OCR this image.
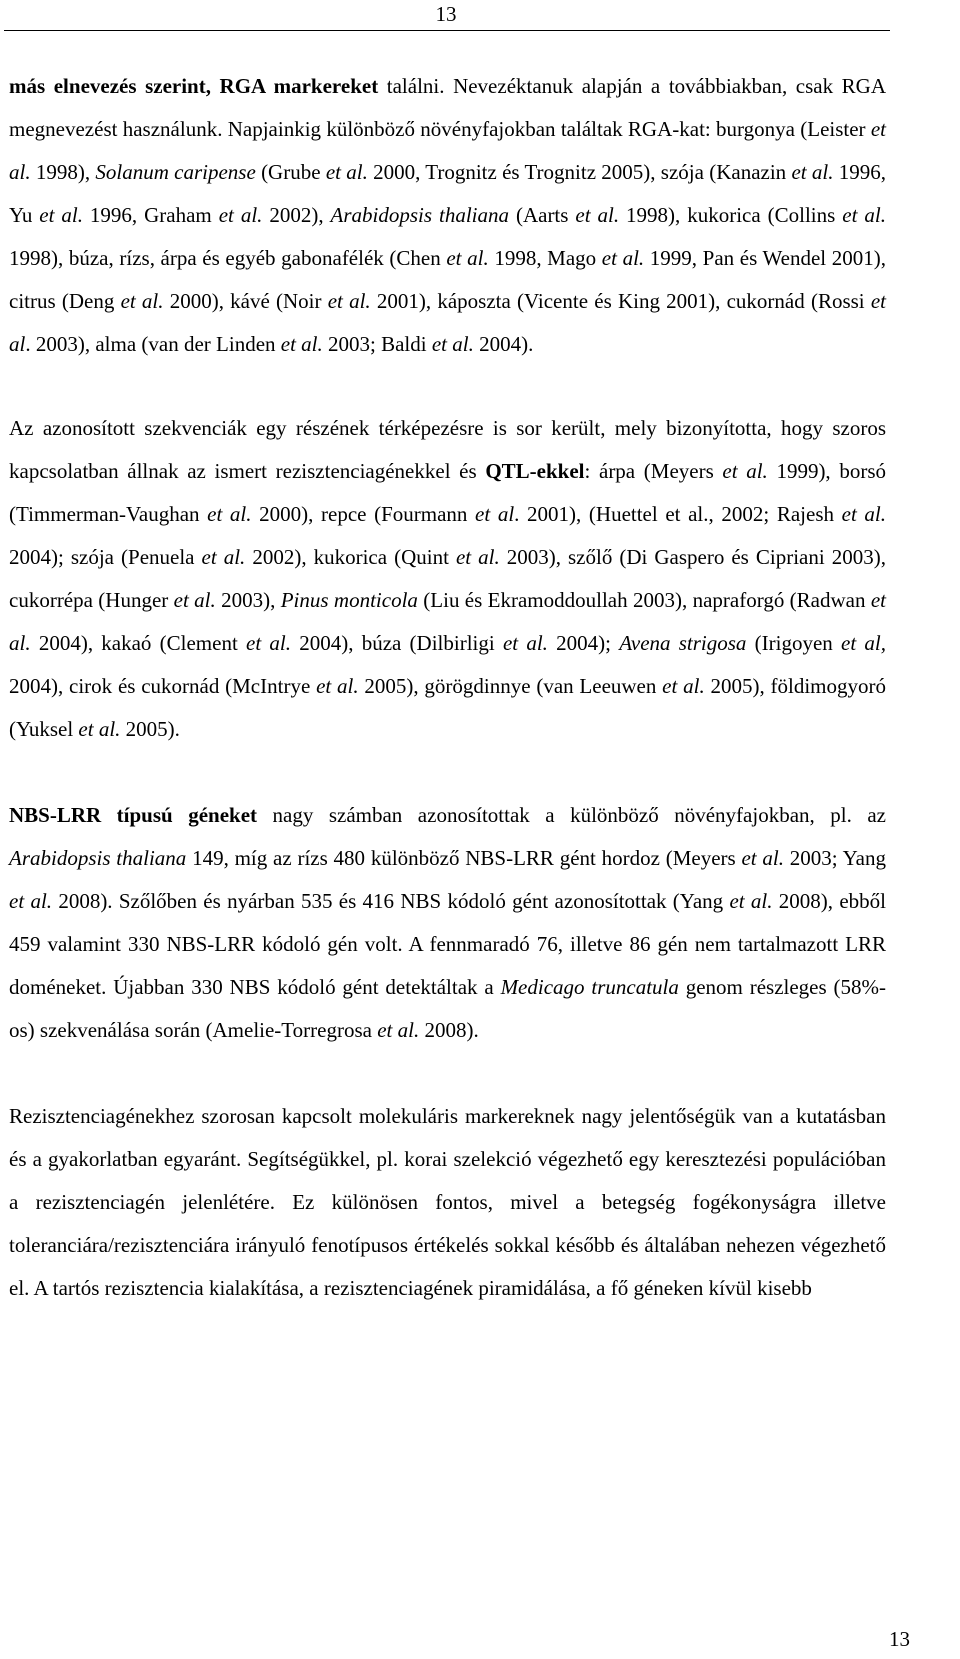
13

más elnevezés szerint, RGA markereket találni. Nevezéktanuk alapján a továbbiakban, csak RGA megnevezést használunk. Napjainkig különböző növényfajokban találtak RGA-kat: burgonya (Leister et al. 1998), Solanum caripense (Grube et al. 2000, Trognitz és Trognitz 2005), szója (Kanazin et al. 1996, Yu et al. 1996, Graham et al. 2002), Arabidopsis thaliana (Aarts et al. 1998), kukorica (Collins et al. 1998), búza, rízs, árpa és egyéb gabonafélék (Chen et al. 1998, Mago et al. 1999, Pan és Wendel 2001), citrus (Deng et al. 2000), kávé (Noir et al. 2001), káposzta (Vicente és King 2001), cukornád (Rossi et al. 2003), alma (van der Linden et al. 2003; Baldi et al. 2004).

Az azonosított szekvenciák egy részének térképezésre is sor került, mely bizonyította, hogy szoros kapcsolatban állnak az ismert rezisztenciagénekkel és QTL-ekkel: árpa (Meyers et al. 1999), borsó (Timmerman-Vaughan et al. 2000), repce (Fourmann et al. 2001), (Huettel et al., 2002; Rajesh et al. 2004); szója (Penuela et al. 2002), kukorica (Quint et al. 2003), szőlő (Di Gaspero és Cipriani 2003), cukorrépa (Hunger et al. 2003), Pinus monticola (Liu és Ekramoddoullah 2003), napraforgó (Radwan et al. 2004), kakaó (Clement et al. 2004), búza (Dilbirligi et al. 2004); Avena strigosa (Irigoyen et al, 2004), cirok és cukornád (McIntrye et al. 2005), görögdinnye (van Leeuwen et al. 2005), földimogyoró (Yuksel et al. 2005).

NBS-LRR típusú géneket nagy számban azonosítottak a különböző növényfajokban, pl. az Arabidopsis thaliana 149, míg az rízs 480 különböző NBS-LRR gént hordoz (Meyers et al. 2003; Yang et al. 2008). Szőlőben és nyárban 535 és 416 NBS kódoló gént azonosítottak (Yang et al. 2008), ebből 459 valamint 330 NBS-LRR kódoló gén volt. A fennmaradó 76, illetve 86 gén nem tartalmazott LRR doméneket. Újabban 330 NBS kódoló gént detektáltak a Medicago truncatula genom részleges (58%-os) szekvenálása során (Amelie-Torregrosa et al. 2008).

Rezisztenciagénekhez szorosan kapcsolt molekuláris markereknek nagy jelentőségük van a kutatásban és a gyakorlatban egyaránt. Segítségükkel, pl. korai szelekció végezhető egy keresztezési populációban a rezisztenciagén jelenlétére. Ez különösen fontos, mivel a betegség fogékonyságra illetve toleranciára/rezisztenciára irányuló fenotípusos értékelés sokkal később és általában nehezen végezhető el. A tartós rezisztencia kialakítása, a rezisztenciagének piramidálása, a fő géneken kívül kisebb

13
